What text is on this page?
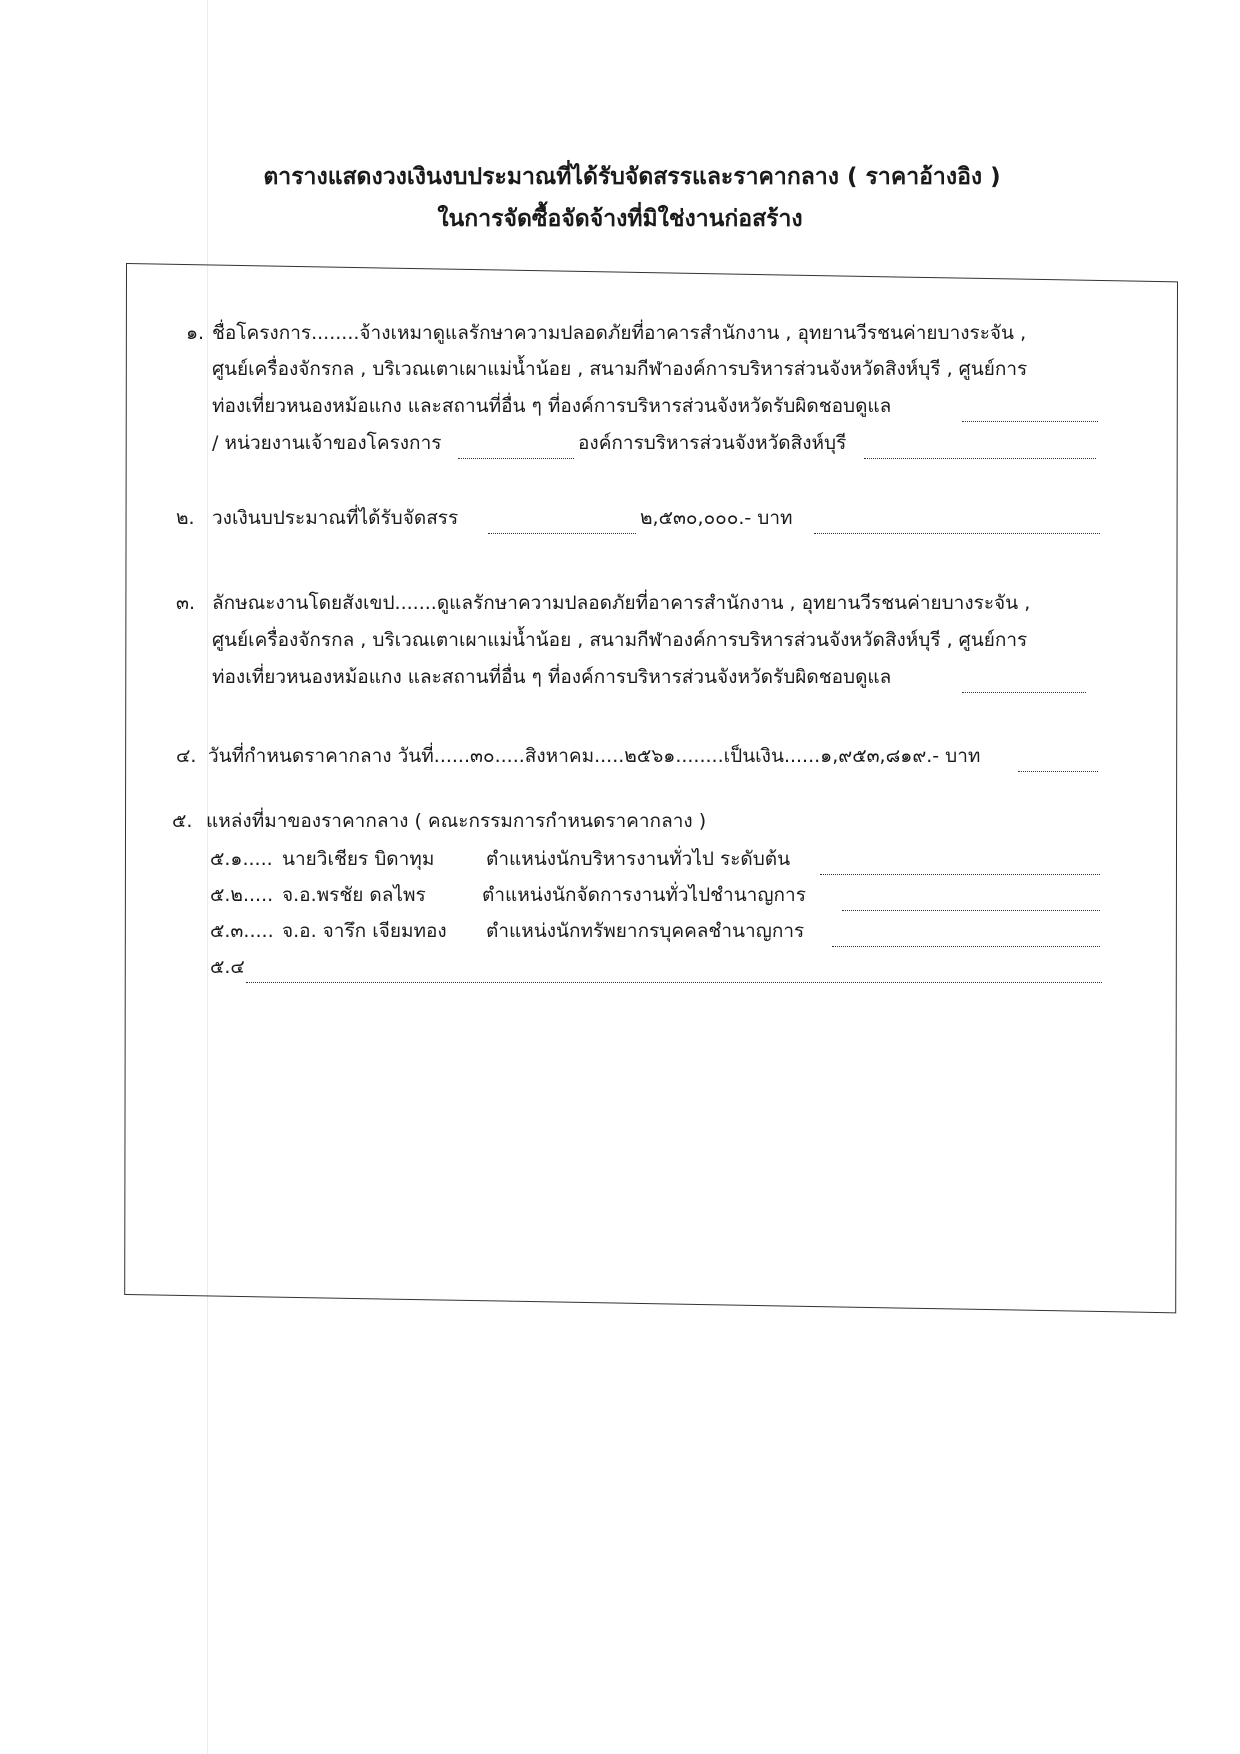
ตารางแสดงวงเงินงบประมาณที่ได้รับจัดสรรและราคากลาง ( ราคาอ้างอิง )
ในการจัดซื้อจัดจ้างที่มิใช่งานก่อสร้าง
๑. ชื่อโครงการ........จ้างเหมาดูแลรักษาความปลอดภัยที่อาคารสำนักงาน , อุทยานวีรชนค่ายบางระจัน ,
ศูนย์เครื่องจักรกล , บริเวณเตาเผาแม่น้ำน้อย , สนามกีฬาองค์การบริหารส่วนจังหวัดสิงห์บุรี , ศูนย์การ
ท่องเที่ยวหนองหม้อแกง และสถานที่อื่น ๆ ที่องค์การบริหารส่วนจังหวัดรับผิดชอบดูแล
/ หน่วยงานเจ้าของโครงการ	องค์การบริหารส่วนจังหวัดสิงห์บุรี
๒. วงเงินบประมาณที่ได้รับจัดสรร	๒,๕๓๐,๐๐๐.- บาท
๓. ลักษณะงานโดยสังเขป.......ดูแลรักษาความปลอดภัยที่อาคารสำนักงาน , อุทยานวีรชนค่ายบางระจัน ,
ศูนย์เครื่องจักรกล , บริเวณเตาเผาแม่น้ำน้อย , สนามกีฬาองค์การบริหารส่วนจังหวัดสิงห์บุรี , ศูนย์การ
ท่องเที่ยวหนองหม้อแกง และสถานที่อื่น ๆ ที่องค์การบริหารส่วนจังหวัดรับผิดชอบดูแล
๔. วันที่กำหนดราคากลาง วันที่......๓๐.....สิงหาคม.....๒๕๖๑........เป็นเงิน......๑,๙๕๓,๘๑๙.- บาท
๕. แหล่งที่มาของราคากลาง ( คณะกรรมการกำหนดราคากลาง )
๕.๑..... นายวิเชียร บิดาทุม	ตำแหน่งนักบริหารงานทั่วไป ระดับต้น
๕.๒..... จ.อ.พรชัย ดลไพร	ตำแหน่งนักจัดการงานทั่วไปชำนาญการ
๕.๓..... จ.อ. จารึก เจียมทอง ตำแหน่งนักทรัพยากรบุคคลชำนาญการ
๕.๔
